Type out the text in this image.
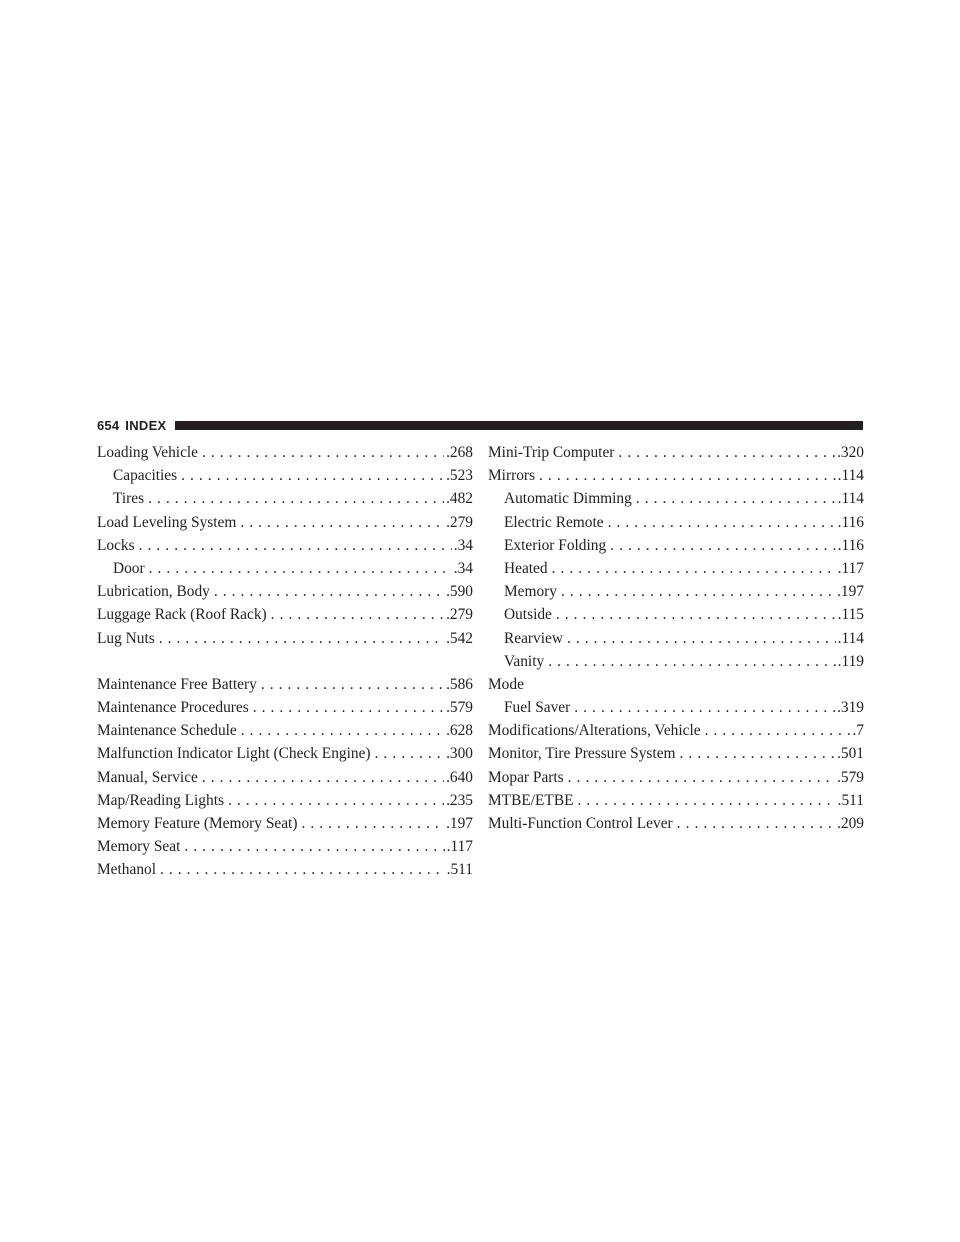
654 INDEX
Loading Vehicle . . .	.268
Capacities . . .	.523
Tires . . .	.482
Load Leveling System . . .	.279
Locks . . .	.34
Door . . .	.34
Lubrication, Body . . .	.590
Luggage Rack (Roof Rack) . . .	.279
Lug Nuts . . .	.542
Maintenance Free Battery . . .	.586
Maintenance Procedures . . .	.579
Maintenance Schedule . . .	.628
Malfunction Indicator Light (Check Engine) . . .	.300
Manual, Service . . .	.640
Map/Reading Lights . . .	.235
Memory Feature (Memory Seat) . . .	.197
Memory Seat . . .	.117
Methanol . . .	.511
Mini-Trip Computer . . .	.320
Mirrors . . .	.114
Automatic Dimming . . .	.114
Electric Remote . . .	.116
Exterior Folding . . .	.116
Heated . . .	.117
Memory . . .	.197
Outside . . .	.115
Rearview . . .	.114
Vanity . . .	.119
Mode
Fuel Saver . . .	.319
Modifications/Alterations, Vehicle . . .	.7
Monitor, Tire Pressure System . . .	.501
Mopar Parts . . .	.579
MTBE/ETBE . . .	.511
Multi-Function Control Lever . . .	.209
